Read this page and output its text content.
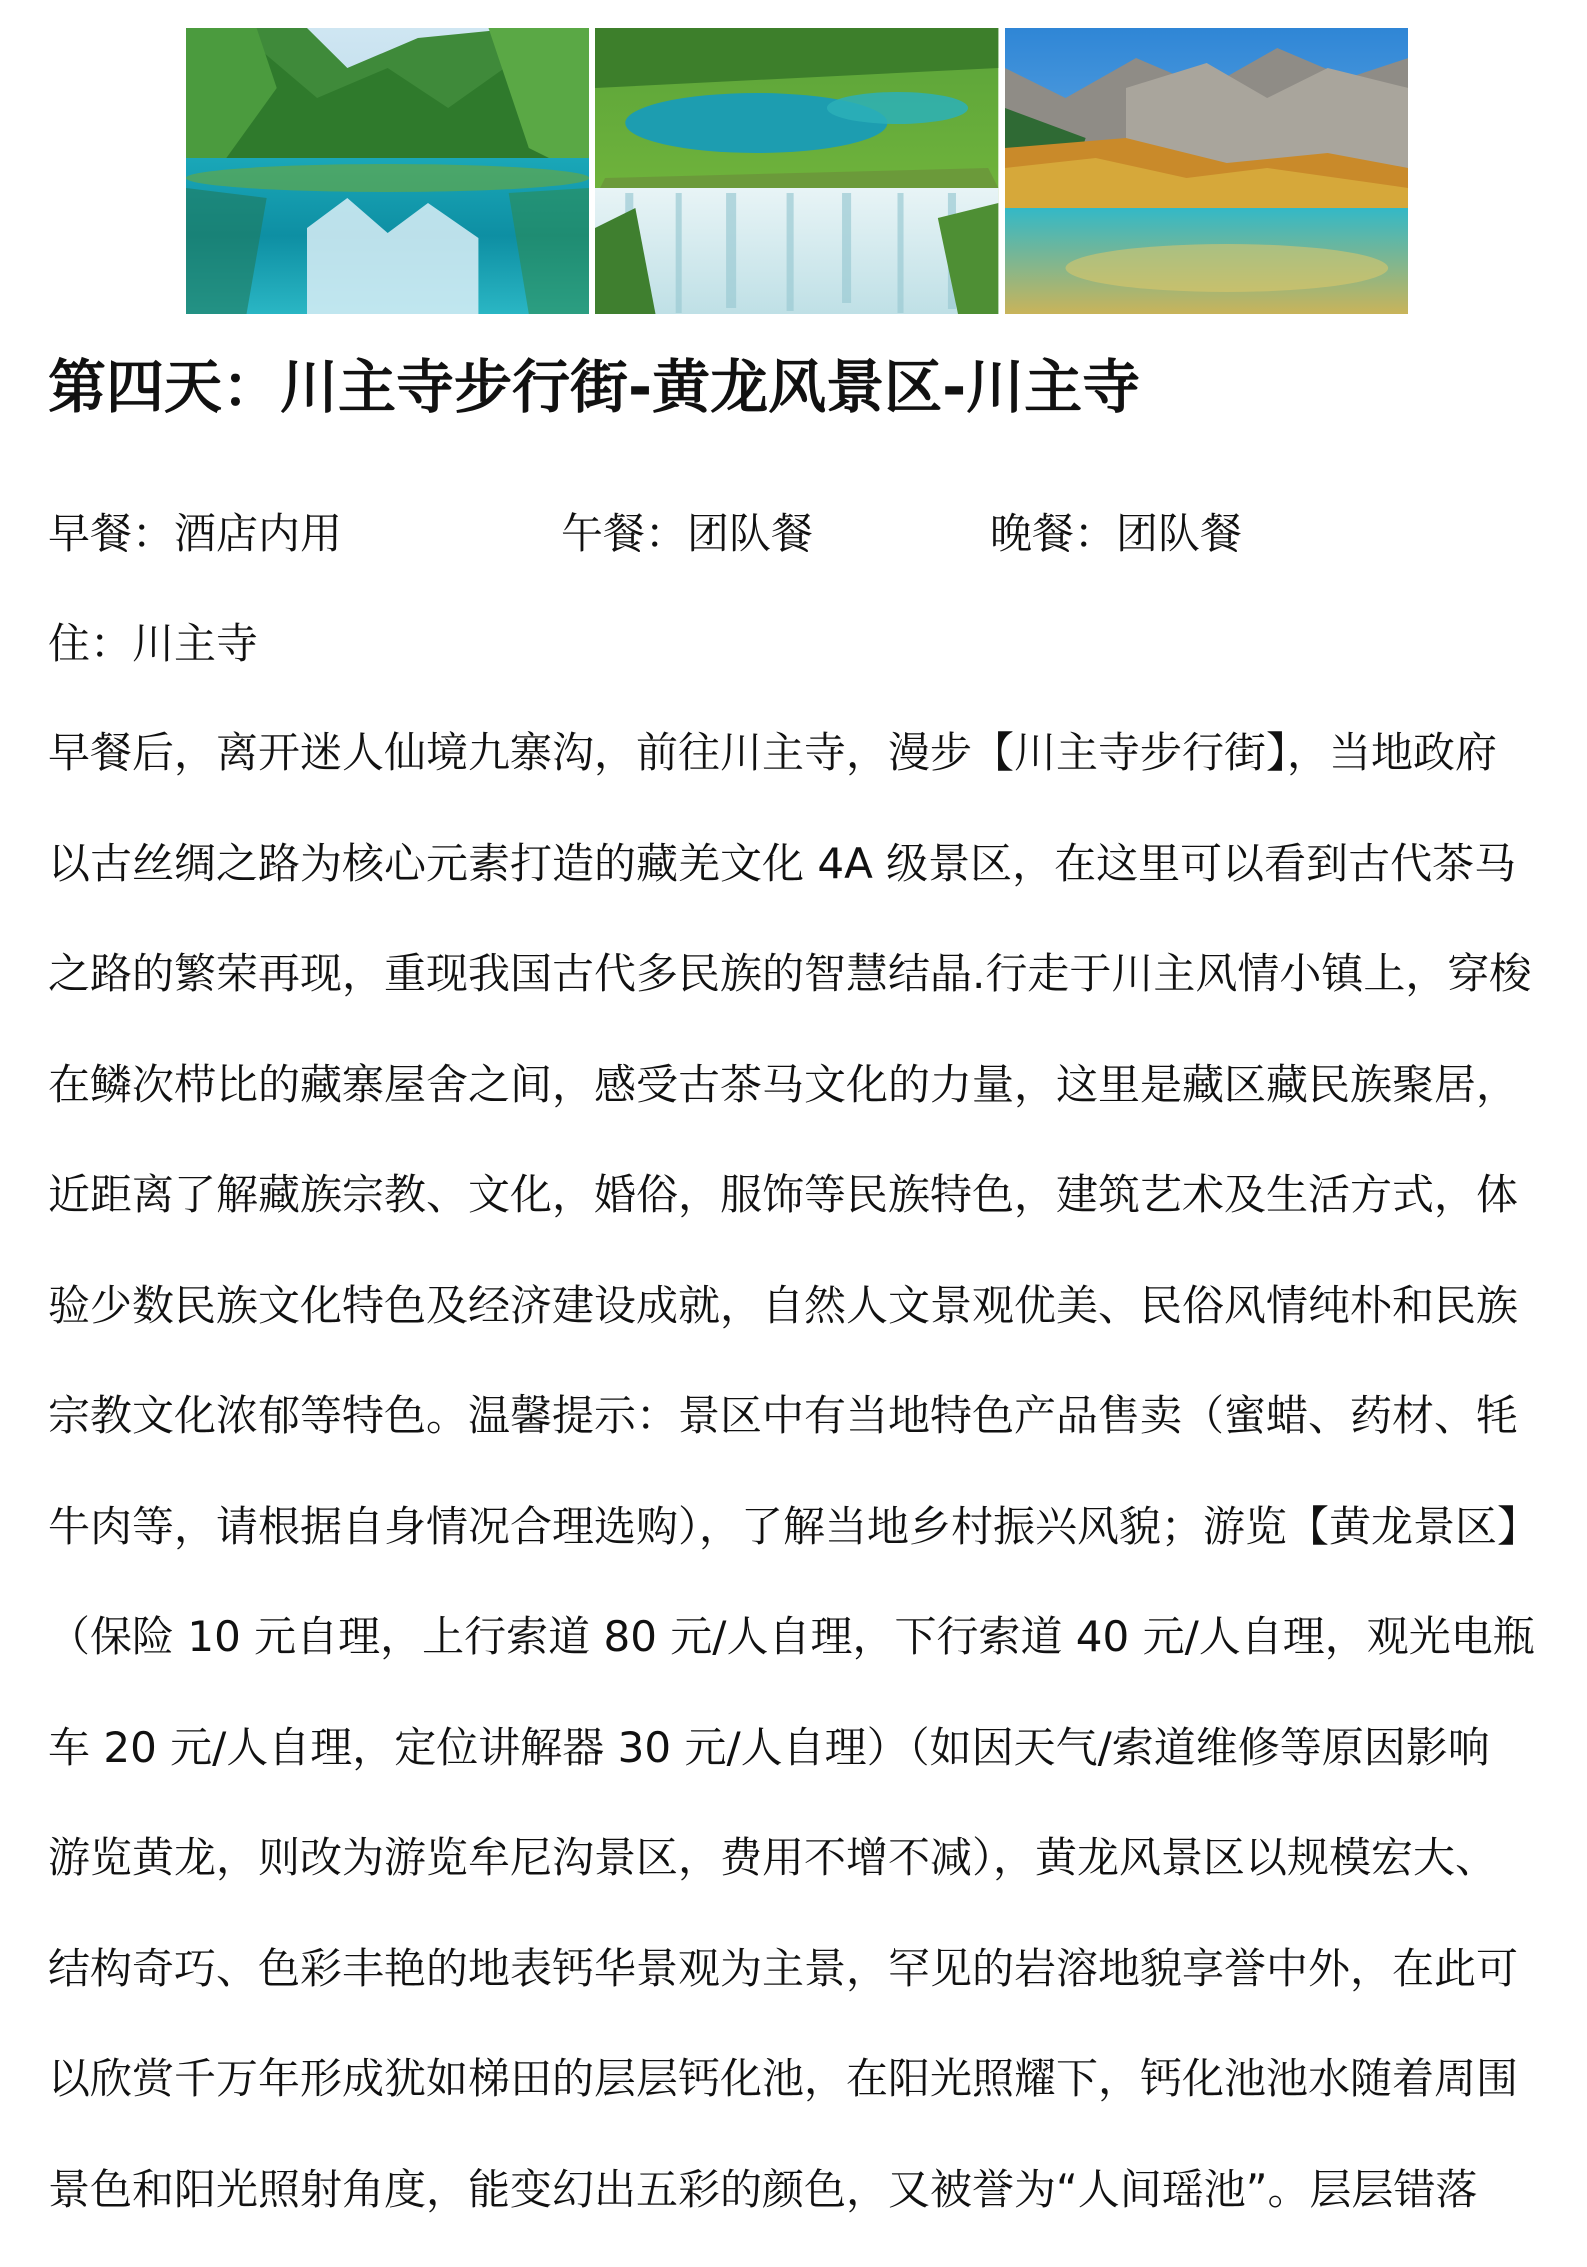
第四天：川主寺步行街-黄龙风景区-川主寺
早餐：酒店内用	午餐：团队餐	晚餐：团队餐
住：川主寺
早餐后，离开迷人仙境九寨沟，前往川主寺，漫步【川主寺步行街】，当地政府
以古丝绸之路为核心元素打造的藏羌文化 4A 级景区，在这里可以看到古代茶马
之路的繁荣再现，重现我国古代多民族的智慧结晶.行走于川主风情小镇上，穿梭
在鳞次栉比的藏寨屋舍之间，感受古茶马文化的力量，这里是藏区藏民族聚居，
近距离了解藏族宗教、文化，婚俗，服饰等民族特色，建筑艺术及生活方式，体
验少数民族文化特色及经济建设成就，自然人文景观优美、民俗风情纯朴和民族
宗教文化浓郁等特色。温馨提示：景区中有当地特色产品售卖（蜜蜡、药材、牦
牛肉等，请根据自身情况合理选购），了解当地乡村振兴风貌；游览【黄龙景区】
（保险 10 元自理，上行索道 80 元/人自理，下行索道 40 元/人自理，观光电瓶
车 20 元/人自理，定位讲解器 30 元/人自理）（如因天气/索道维修等原因影响
游览黄龙，则改为游览牟尼沟景区，费用不增不减），黄龙风景区以规模宏大、
结构奇巧、色彩丰艳的地表钙华景观为主景，罕见的岩溶地貌享誉中外，在此可
以欣赏千万年形成犹如梯田的层层钙化池，在阳光照耀下，钙化池池水随着周围
景色和阳光照射角度，能变幻出五彩的颜色，又被誉为“人间瑶池”。层层错落
